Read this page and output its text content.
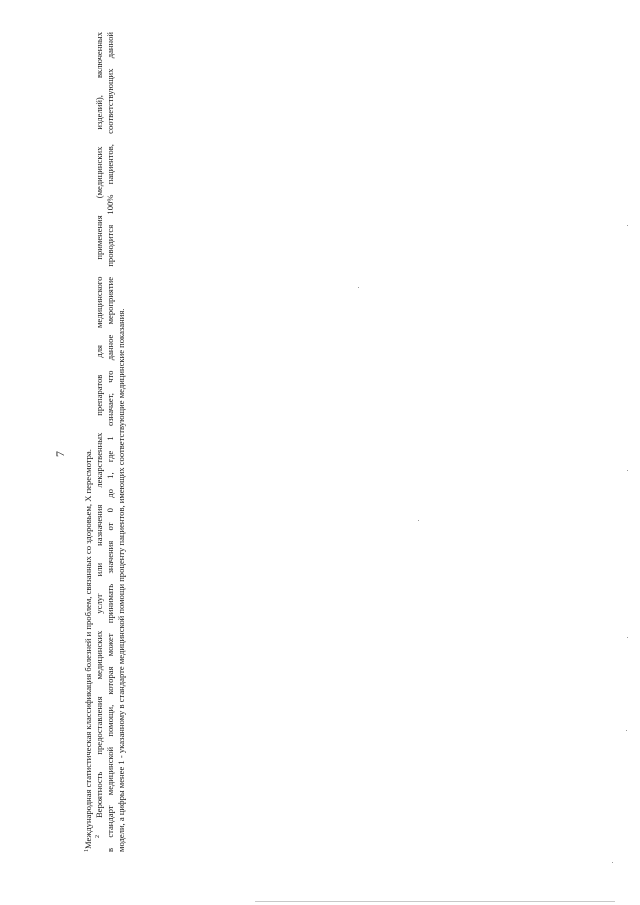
7
$^1$Международная статистическая классификация болезней и проблем, связанных со здоровьем, X пересмотра. $^2$ Вероятность предоставления медицинских услуг или назначения лекарственных препаратов для медицинского применения (медицинских изделий), включенных в стандарт медицинской помощи, которая может принимать значения от 0 до 1, где 1 означает, что данное мероприятие проводится 100% пациентов, соответствующих данной модели, а цифры менее 1 - указанному в стандарте медицинской помощи проценту пациентов, имеющих соответствующие медицинские показания.
